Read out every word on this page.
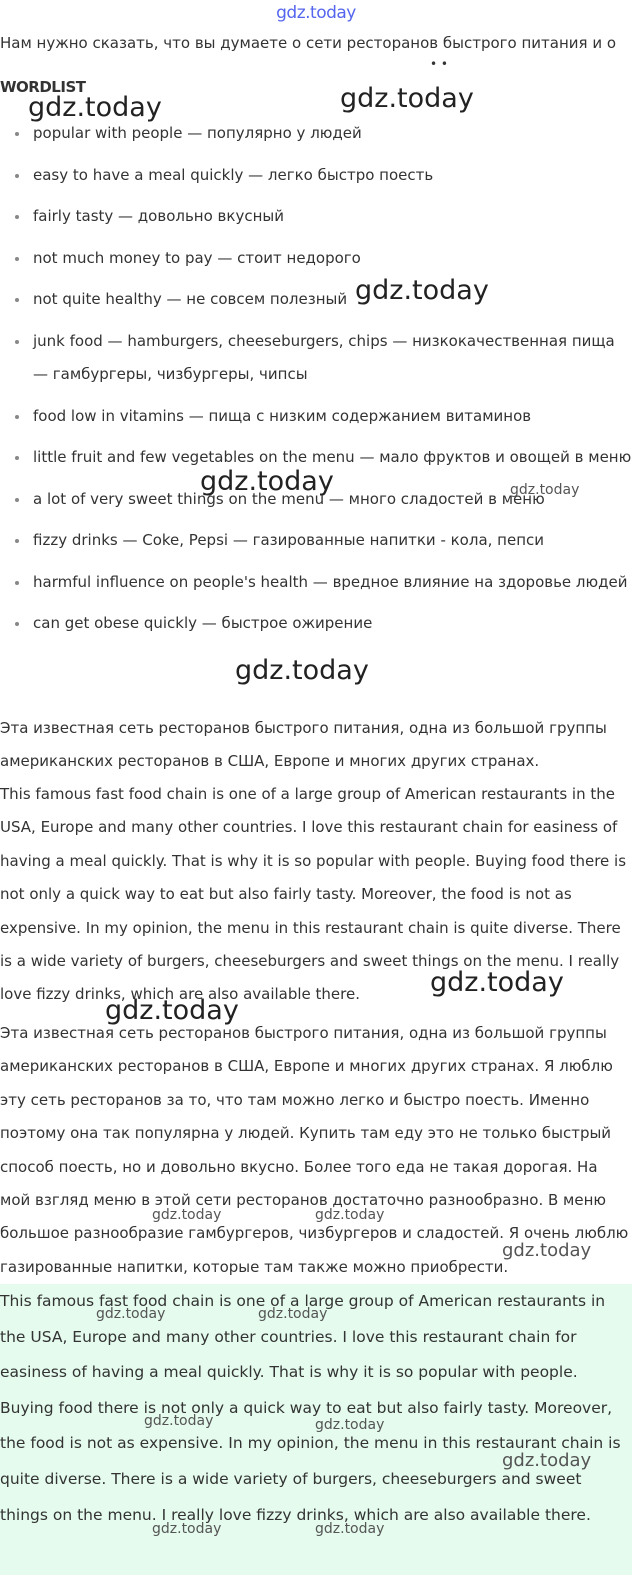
gdz.today
Нам нужно сказать, что вы думаете о сети ресторанов быстрого питания и о
• •
WORDLIST
popular with people — популярно у людей
easy to have a meal quickly — легко быстро поесть
fairly tasty — довольно вкусный
not much money to pay — стоит недорого
not quite healthy — не совсем полезный
junk food — hamburgers, cheeseburgers, chips — низкокачественная пища — гамбургеры, чизбургеры, чипсы
food low in vitamins — пища с низким содержанием витаминов
little fruit and few vegetables on the menu — мало фруктов и овощей в меню
a lot of very sweet things on the menu — много сладостей в меню
fizzy drinks — Coke, Pepsi — газированные напитки - кола, пепси
harmful influence on people's health — вредное влияние на здоровье людей
can get obese quickly — быстрое ожирение

Эта известная сеть ресторанов быстрого питания, одна из большой группы американских ресторанов в США, Европе и многих других странах.

This famous fast food chain is one of a large group of American restaurants in the USA, Europe and many other countries. I love this restaurant chain for easiness of having a meal quickly. That is why it is so popular with people. Buying food there is not only a quick way to eat but also fairly tasty. Moreover, the food is not as expensive. In my opinion, the menu in this restaurant chain is quite diverse. There is a wide variety of burgers, cheeseburgers and sweet things on the menu. I really love fizzy drinks, which are also available there.

Эта известная сеть ресторанов быстрого питания, одна из большой группы американских ресторанов в США, Европе и многих других странах. Я люблю эту сеть ресторанов за то, что там можно легко и быстро поесть. Именно поэтому она так популярна у людей. Купить там еду это не только быстрый способ поесть, но и довольно вкусно. Более того еда не такая дорогая. На мой взгляд меню в этой сети ресторанов достаточно разнообразно. В меню большое разнообразие гамбургеров, чизбургеров и сладостей. Я очень люблю газированные напитки, которые там также можно приобрести.

This famous fast food chain is one of a large group of American restaurants in the USA, Europe and many other countries. I love this restaurant chain for easiness of having a meal quickly. That is why it is so popular with people. Buying food there is not only a quick way to eat but also fairly tasty. Moreover, the food is not as expensive. In my opinion, the menu in this restaurant chain is quite diverse. There is a wide variety of burgers, cheeseburgers and sweet things on the menu. I really love fizzy drinks, which are also available there.

gdz.today	gdz.today
gdz.today
gdz.today	gdz.today
gdz.today
gdz.today
gdz.today
gdz.today	gdz.today
gdz.today
gdz.today	gdz.today
gdz.today	gdz.today
gdz.today
gdz.today	gdz.today
